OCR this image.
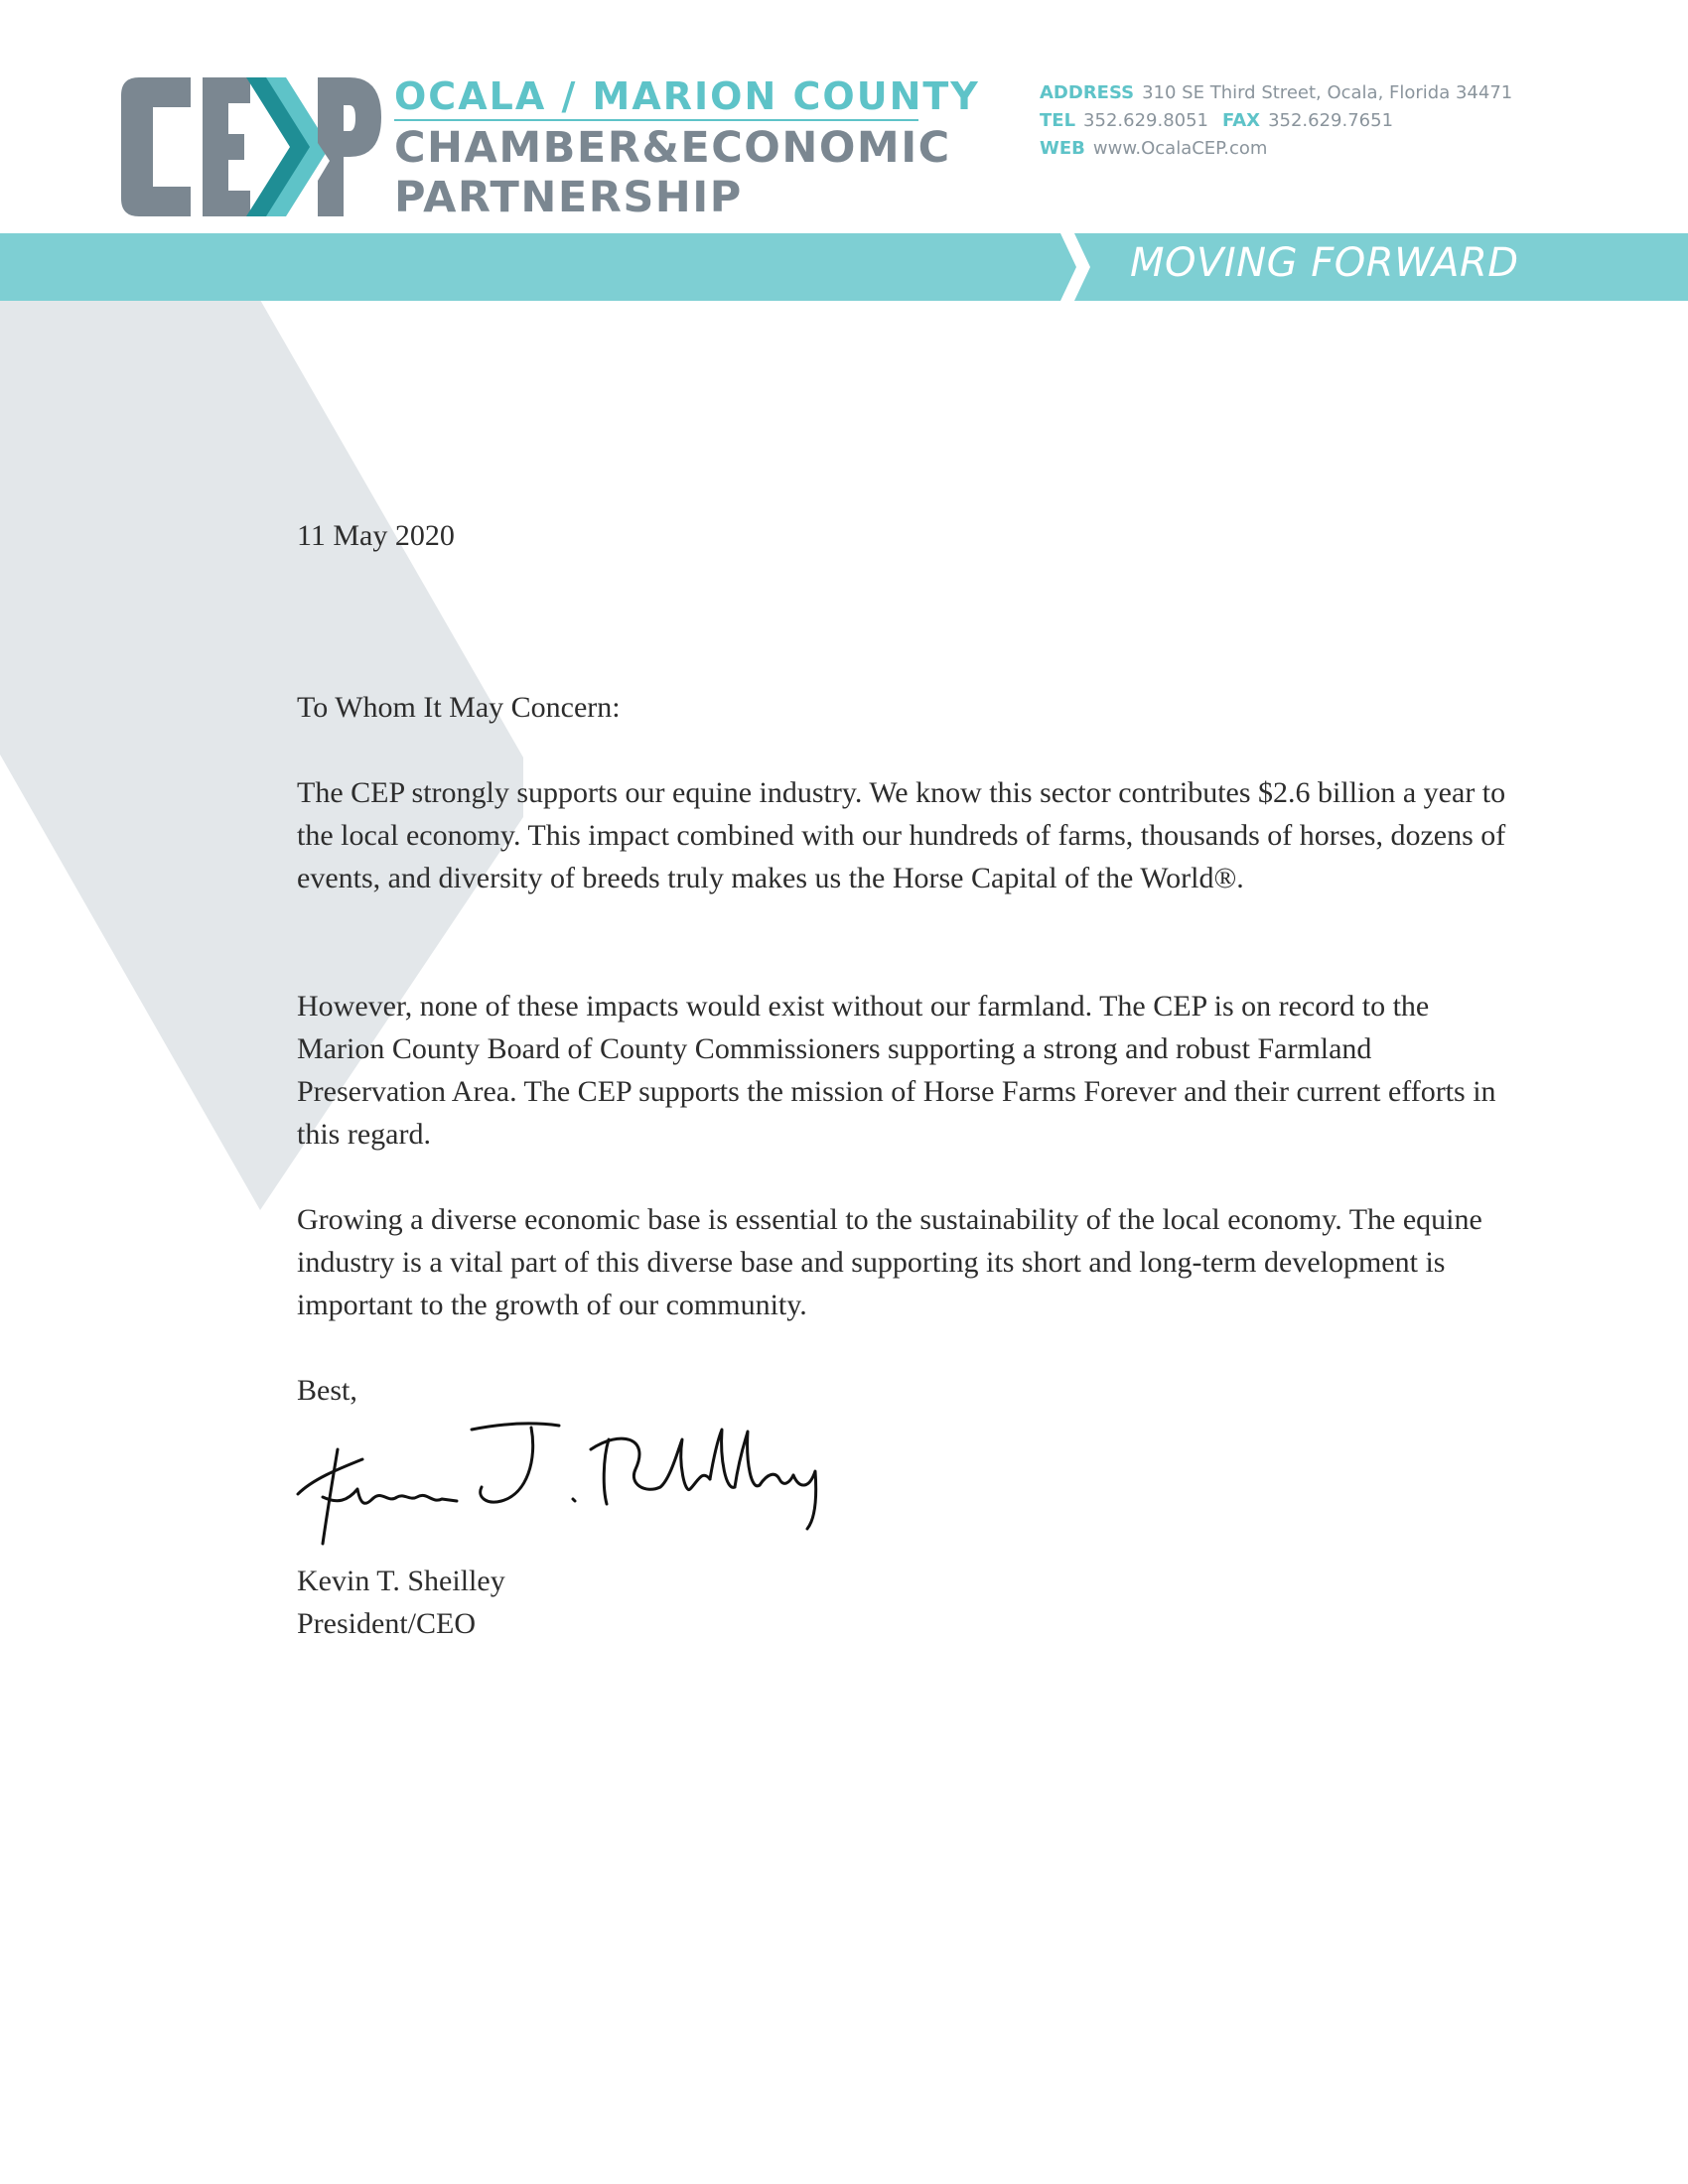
OCALA / MARION COUNTY
CHAMBER&ECONOMIC
PARTNERSHIP
ADDRESS 310 SE Third Street, Ocala, Florida 34471
TEL 352.629.8051 FAX 352.629.7651
WEB www.OcalaCEP.com
MOVING FORWARD

11 May 2020

To Whom It May Concern:

The CEP strongly supports our equine industry. We know this sector contributes $2.6 billion a year to the local economy. This impact combined with our hundreds of farms, thousands of horses, dozens of events, and diversity of breeds truly makes us the Horse Capital of the World®.

However, none of these impacts would exist without our farmland. The CEP is on record to the Marion County Board of County Commissioners supporting a strong and robust Farmland Preservation Area. The CEP supports the mission of Horse Farms Forever and their current efforts in this regard.

Growing a diverse economic base is essential to the sustainability of the local economy. The equine industry is a vital part of this diverse base and supporting its short and long-term development is important to the growth of our community.

Best,

Kevin T. Sheilley

President/CEO
